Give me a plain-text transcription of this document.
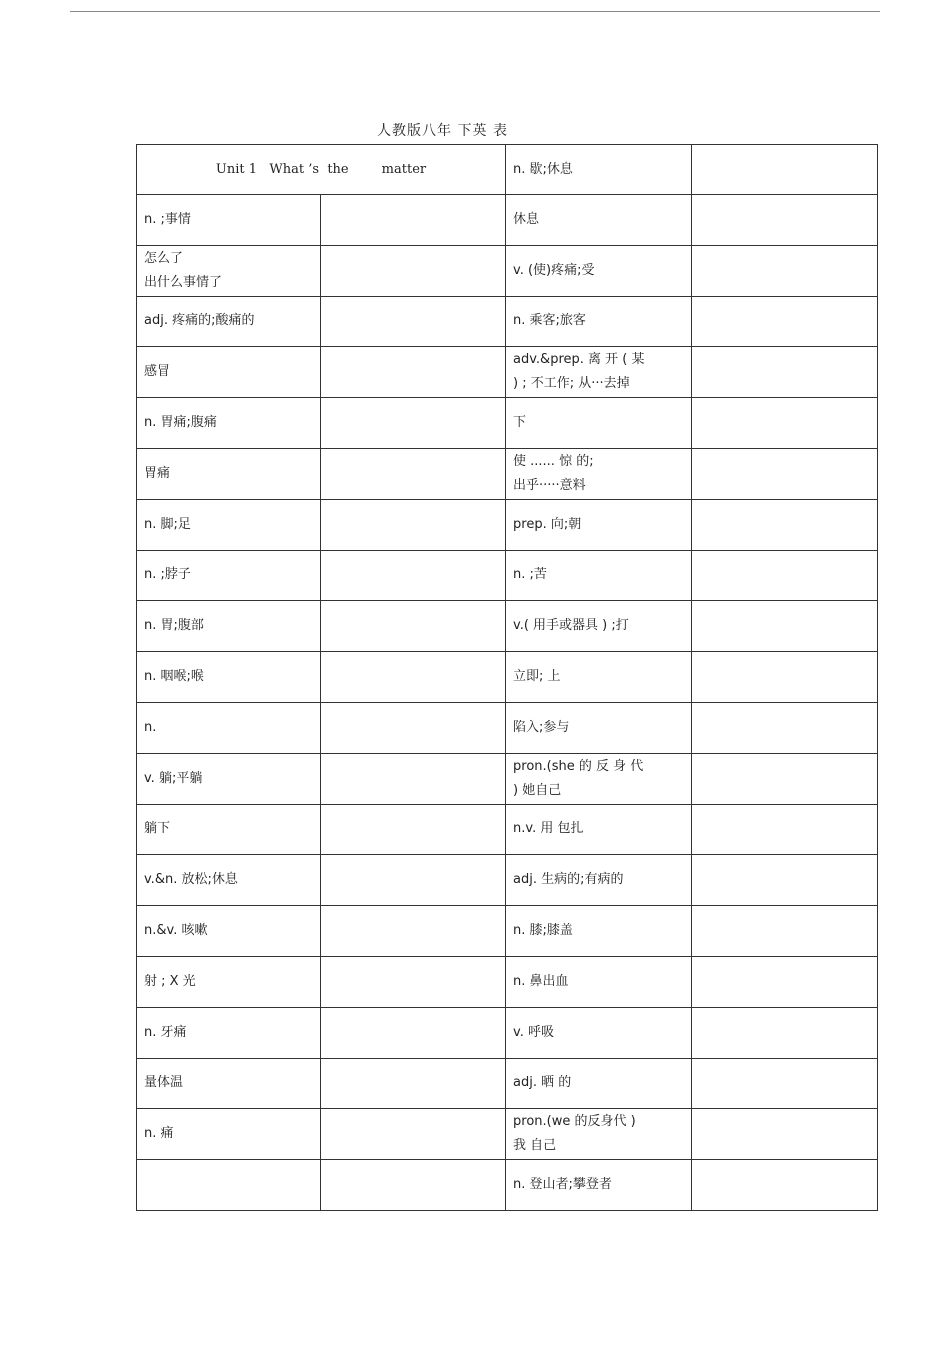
人教版八年 下英 表
Unit 1   What ’s  the        matter		n. 歇;休息	
n. ;事情		休息	
怎么了
出什么事情了		v. (使)疼痛;受	
adj. 疼痛的;酸痛的		n. 乘客;旅客	
感冒		adv.&prep. 离 开 ( 某
) ; 不工作; 从···去掉	
n. 胃痛;腹痛		下	
胃痛		使 ...... 惊 的;
出乎·····意料	
n. 脚;足		prep. 向;朝	
n. ;脖子		n. ;苦	
n. 胃;腹部		v.( 用手或器具 ) ;打	
n. 咽喉;喉		立即; 上	
n.		陷入;参与	
v. 躺;平躺		pron.(she 的 反 身 代
) 她自己	
躺下		n.v. 用 包扎	
v.&n. 放松;休息		adj. 生病的;有病的	
n.&v. 咳嗽		n. 膝;膝盖	
射 ; X 光		n. 鼻出血	
n. 牙痛		v. 呼吸	
量体温		adj. 晒 的	
n. 痛		pron.(we 的反身代 )
我 自己	
		n. 登山者;攀登者	
